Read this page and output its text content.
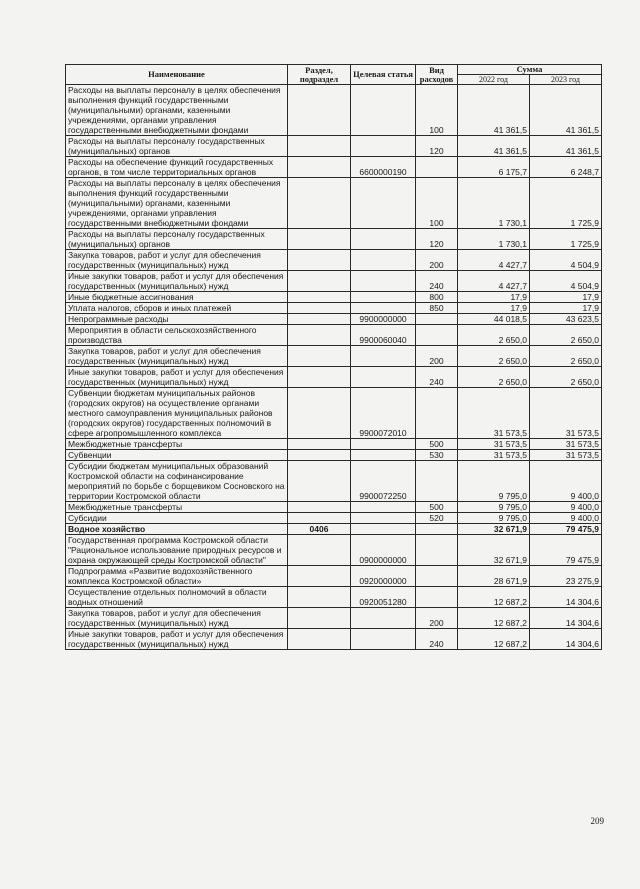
Наименование	Раздел, подраздел	Целевая статья	Вид расходов	Сумма	
				2022 год	2023 год
Расходы на выплаты персоналу в целях обеспечения выполнения функций государственными (муниципальными) органами, казенными учреждениями, органами управления государственными внебюджетными фондами			100	41 361,5	41 361,5
Расходы на выплаты персоналу государственных (муниципальных) органов			120	41 361,5	41 361,5
Расходы на обеспечение функций государственных органов, в том числе территориальных органов		6600000190		6 175,7	6 248,7
Расходы на выплаты персоналу в целях обеспечения выполнения функций государственными (муниципальными) органами, казенными учреждениями, органами управления государственными внебюджетными фондами			100	1 730,1	1 725,9
Расходы на выплаты персоналу государственных (муниципальных) органов			120	1 730,1	1 725,9
Закупка товаров, работ и услуг для обеспечения государственных (муниципальных) нужд			200	4 427,7	4 504,9
Иные закупки товаров, работ и услуг для обеспечения государственных (муниципальных) нужд			240	4 427,7	4 504,9
Иные бюджетные ассигнования			800	17,9	17,9
Уплата налогов, сборов и иных платежей			850	17,9	17,9
Непрограммные расходы		9900000000		44 018,5	43 623,5
Мероприятия в области сельскохозяйственного производства		9900060040		2 650,0	2 650,0
Закупка товаров, работ и услуг для обеспечения государственных (муниципальных) нужд			200	2 650,0	2 650,0
Иные закупки товаров, работ и услуг для обеспечения государственных (муниципальных) нужд			240	2 650,0	2 650,0
Субвенции бюджетам муниципальных районов (городских округов) на осуществление органами местного самоуправления муниципальных районов (городских округов) государственных полномочий в сфере агропромышленного комплекса		9900072010		31 573,5	31 573,5
Межбюджетные трансферты			500	31 573,5	31 573,5
Субвенции			530	31 573,5	31 573,5
Субсидии бюджетам муниципальных образований Костромской области на софинансирование мероприятий по борьбе с борщевиком Сосновского на территории Костромской области		9900072250		9 795,0	9 400,0
Межбюджетные трансферты			500	9 795,0	9 400,0
Субсидии			520	9 795,0	9 400,0
Водное хозяйство	0406			32 671,9	79 475,9
Государственная программа Костромской области "Рациональное использование природных ресурсов и охрана окружающей среды Костромской области"		0900000000		32 671,9	79 475,9
Подпрограмма «Развитие водохозяйственного комплекса Костромской области»		0920000000		28 671,9	23 275,9
Осуществление отдельных полномочий в области водных отношений		0920051280		12 687,2	14 304,6
Закупка товаров, работ и услуг для обеспечения государственных (муниципальных) нужд			200	12 687,2	14 304,6
Иные закупки товаров, работ и услуг для обеспечения государственных (муниципальных) нужд			240	12 687,2	14 304,6
209
